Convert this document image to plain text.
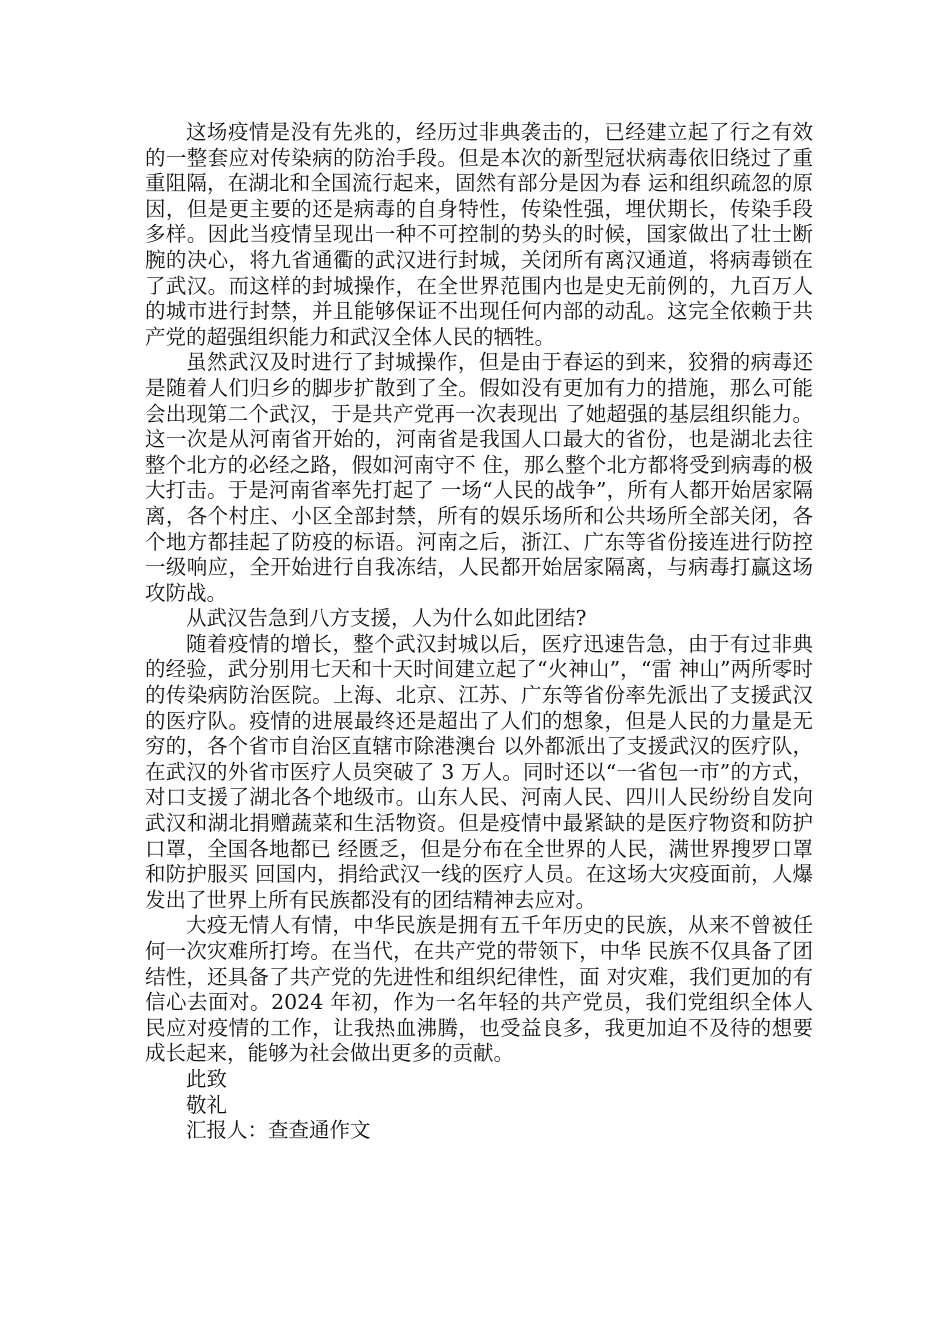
这场疫情是没有先兆的，经历过非典袭击的，已经建立起了行之有效的一整套应对传染病的防治手段。但是本次的新型冠状病毒依旧绕过了重重阻隔，在湖北和全国流行起来，固然有部分是因为春 运和组织疏忽的原因，但是更主要的还是病毒的自身特性，传染性强，埋伏期长，传染手段多样。因此当疫情呈现出一种不可控制的势头的时候，国家做出了壮士断腕的决心，将九省通衢的武汉进行封城，关闭所有离汉通道，将病毒锁在了武汉。而这样的封城操作，在全世界范围内也是史无前例的，九百万人的城市进行封禁，并且能够保证不出现任何内部的动乱。这完全依赖于共产党的超强组织能力和武汉全体人民的牺牲。

虽然武汉及时进行了封城操作，但是由于春运的到来，狡猾的病毒还是随着人们归乡的脚步扩散到了全。假如没有更加有力的措施，那么可能会出现第二个武汉，于是共产党再一次表现出 了她超强的基层组织能力。这一次是从河南省开始的，河南省是我国人口最大的省份，也是湖北去往整个北方的必经之路，假如河南守不 住，那么整个北方都将受到病毒的极大打击。于是河南省率先打起了 一场“人民的战争”，所有人都开始居家隔离，各个村庄、小区全部封禁，所有的娱乐场所和公共场所全部关闭，各个地方都挂起了防疫的标语。河南之后，浙江、广东等省份接连进行防控一级响应，全开始进行自我冻结，人民都开始居家隔离，与病毒打赢这场攻防战。

从武汉告急到八方支援，人为什么如此团结?

随着疫情的增长，整个武汉封城以后，医疗迅速告急，由于有过非典的经验，武分别用七天和十天时间建立起了“火神山”，“雷 神山”两所零时的传染病防治医院。上海、北京、江苏、广东等省份率先派出了支援武汉的医疗队。疫情的进展最终还是超出了人们的想象，但是人民的力量是无穷的，各个省市自治区直辖市除港澳台 以外都派出了支援武汉的医疗队，在武汉的外省市医疗人员突破了 3 万人。同时还以“一省包一市”的方式，对口支援了湖北各个地级市。山东人民、河南人民、四川人民纷纷自发向武汉和湖北捐赠蔬菜和生活物资。但是疫情中最紧缺的是医疗物资和防护口罩，全国各地都已 经匮乏，但是分布在全世界的人民，满世界搜罗口罩和防护服买 回国内，捐给武汉一线的医疗人员。在这场大灾疫面前，人爆发出了世界上所有民族都没有的团结精神去应对。

大疫无情人有情，中华民族是拥有五千年历史的民族，从来不曾被任何一次灾难所打垮。在当代，在共产党的带领下，中华 民族不仅具备了团结性，还具备了共产党的先进性和组织纪律性，面 对灾难，我们更加的有信心去面对。2024 年初，作为一名年轻的共产党员，我们党组织全体人民应对疫情的工作，让我热血沸腾，也受益良多，我更加迫不及待的想要成长起来，能够为社会做出更多的贡献。

此致

敬礼

汇报人：查查通作文
